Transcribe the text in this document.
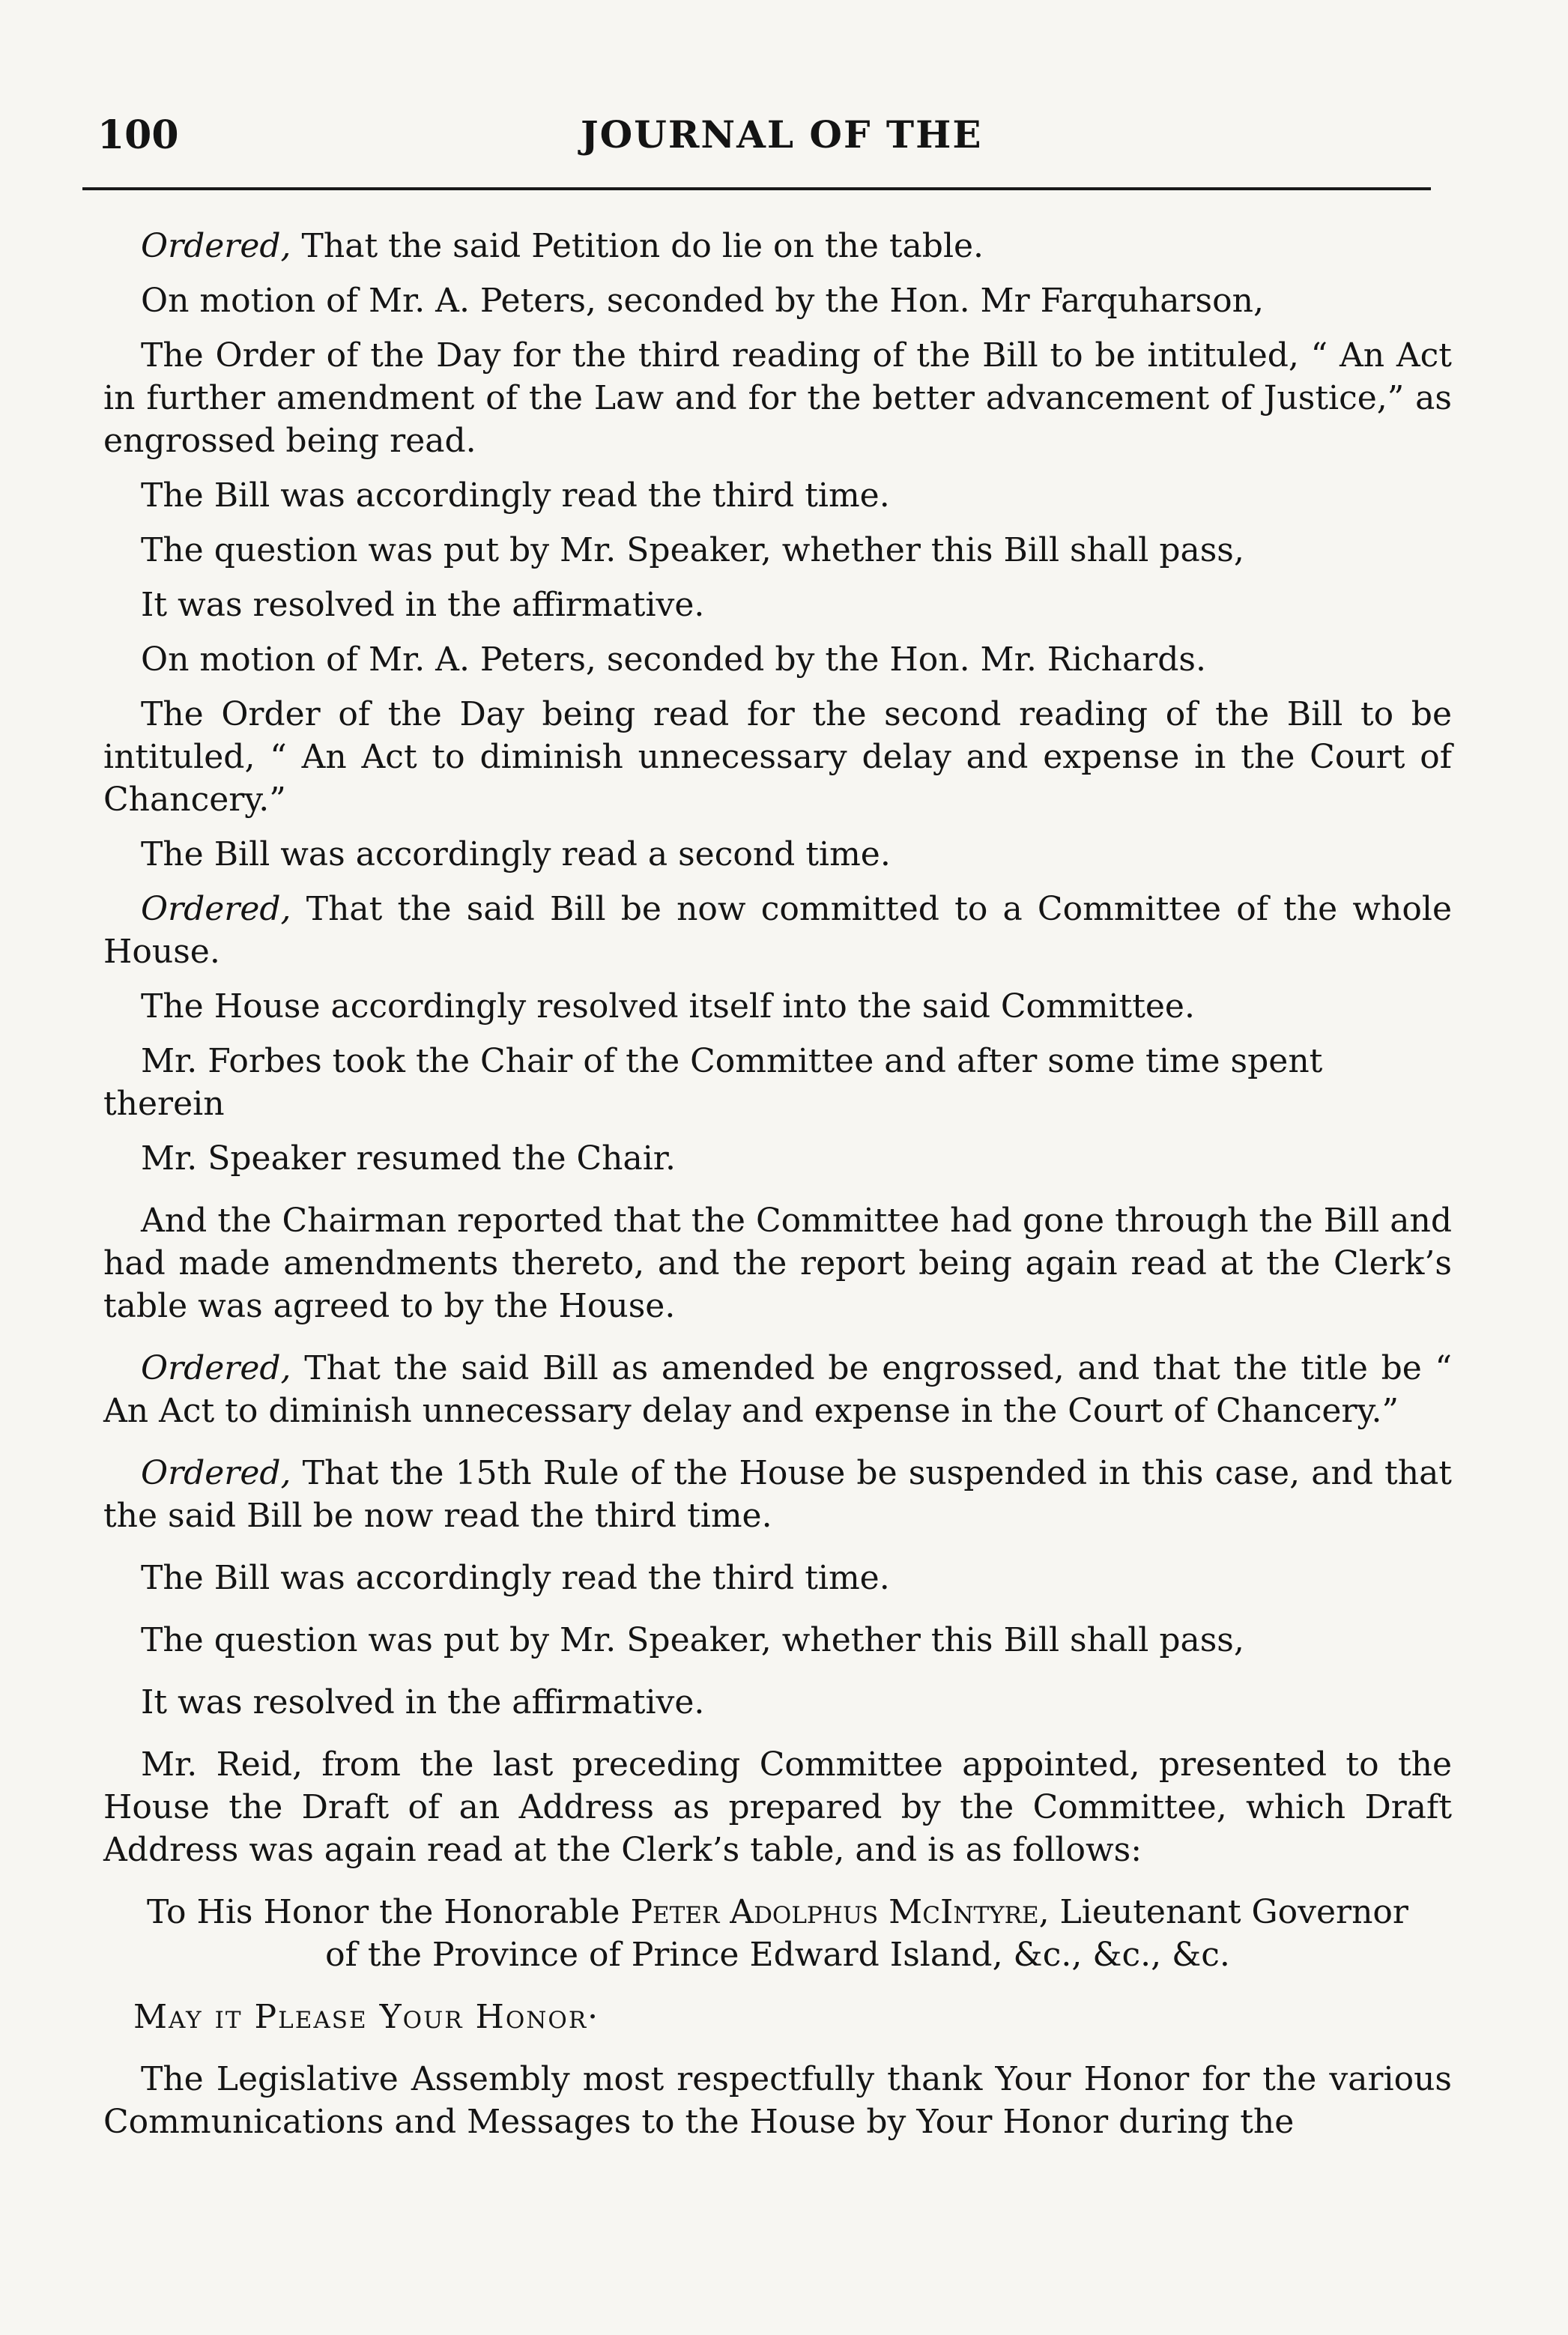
100	JOURNAL OF THE

Ordered, That the said Petition do lie on the table.

On motion of Mr. A. Peters, seconded by the Hon. Mr Farquharson,

The Order of the Day for the third reading of the Bill to be intituled, “ An Act in further amendment of the Law and for the better advancement of Justice,” as engrossed being read.

The Bill was accordingly read the third time.

The question was put by Mr. Speaker, whether this Bill shall pass,

It was resolved in the affirmative.

On motion of Mr. A. Peters, seconded by the Hon. Mr. Richards.

The Order of the Day being read for the second reading of the Bill to be intituled, “ An Act to diminish unnecessary delay and expense in the Court of Chancery.”

The Bill was accordingly read a second time.

Ordered, That the said Bill be now committed to a Committee of the whole House.

The House accordingly resolved itself into the said Committee.

Mr. Forbes took the Chair of the Committee and after some time spent therein

Mr. Speaker resumed the Chair.

And the Chairman reported that the Committee had gone through the Bill and had made amendments thereto, and the report being again read at the Clerk’s table was agreed to by the House.

Ordered, That the said Bill as amended be engrossed, and that the title be “ An Act to diminish unnecessary delay and expense in the Court of Chancery.”

Ordered, That the 15th Rule of the House be suspended in this case, and that the said Bill be now read the third time.

The Bill was accordingly read the third time.

The question was put by Mr. Speaker, whether this Bill shall pass,

It was resolved in the affirmative.

Mr. Reid, from the last preceding Committee appointed, presented to the House the Draft of an Address as prepared by the Committee, which Draft Address was again read at the Clerk’s table, and is as follows:

To His Honor the Honorable Peter Adolphus McIntyre, Lieutenant Governor
of the Province of Prince Edward Island, &c., &c., &c.

May it Please Your Honor·

The Legislative Assembly most respectfully thank Your Honor for the various Communications and Messages to the House by Your Honor during the
